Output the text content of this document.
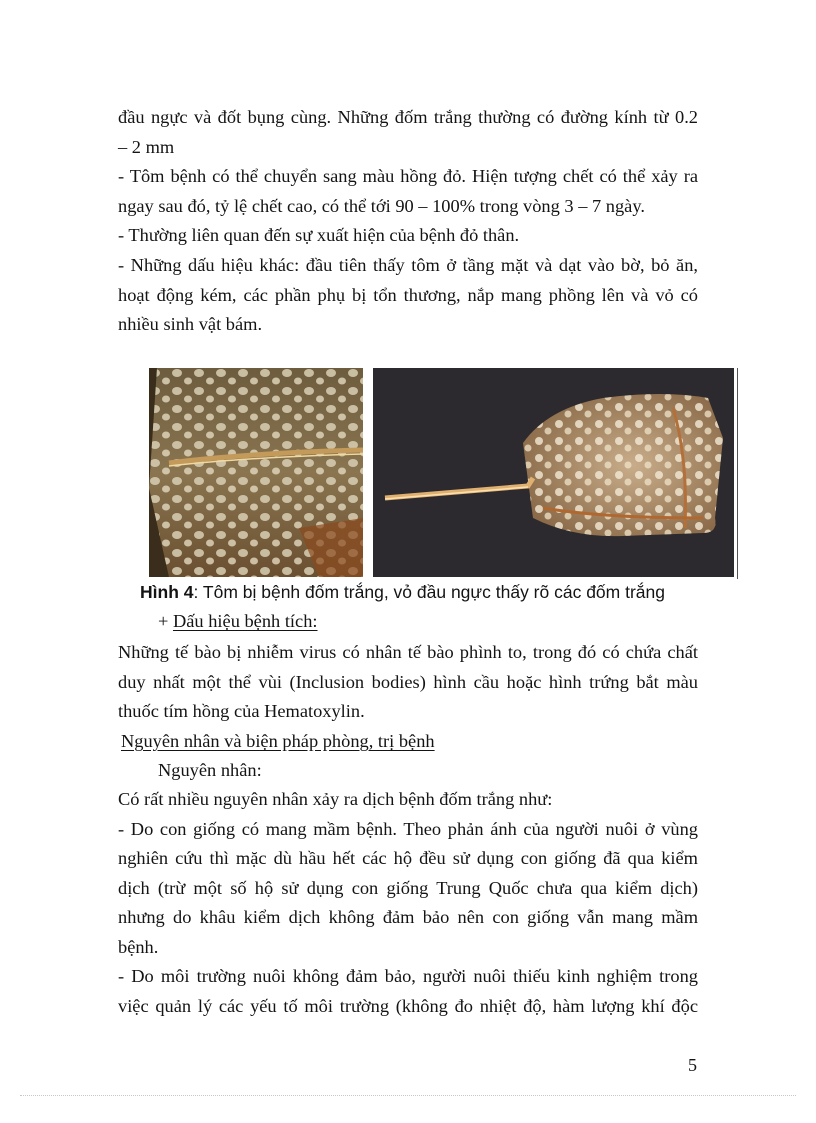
đầu ngực và đốt bụng cùng. Những đốm trắng thường có đường kính từ 0.2
– 2 mm
- Tôm bệnh có thể chuyển sang màu hồng đỏ. Hiện tượng chết có thể xảy ra
ngay sau đó, tỷ lệ chết cao, có thể tới 90 – 100% trong vòng 3 – 7 ngày.
- Thường liên quan đến sự xuất hiện của bệnh đỏ thân.
- Những dấu hiệu khác: đầu tiên thấy tôm ở tầng mặt và dạt vào bờ, bỏ ăn,
hoạt động kém, các phần phụ bị tổn thương, nắp mang phồng lên và vỏ có
nhiều sinh vật bám.
Hình 4: Tôm bị bệnh đốm trắng, vỏ đầu ngực thấy rõ các đốm trắng
+ Dấu hiệu bệnh tích:
Những tế bào bị nhiễm virus có nhân tế bào phình to, trong đó có chứa chất
duy nhất một thể vùi (Inclusion bodies) hình cầu hoặc hình trứng bắt màu
thuốc tím hồng của Hematoxylin.
Nguyên nhân và biện pháp phòng, trị bệnh
Nguyên nhân:
Có rất nhiều nguyên nhân xảy ra dịch bệnh đốm trắng như:
- Do con giống có mang mầm bệnh. Theo phản ánh của người nuôi ở vùng
nghiên cứu thì mặc dù hầu hết các hộ đều sử dụng con giống đã qua kiểm
dịch (trừ một số hộ sử dụng con giống Trung Quốc chưa qua kiểm dịch)
nhưng do khâu kiểm dịch không đảm bảo nên con giống vẫn mang mầm
bệnh.
- Do môi trường nuôi không đảm bảo, người nuôi thiếu kinh nghiệm trong
việc quản lý các yếu tố môi trường (không đo nhiệt độ, hàm lượng khí độc
5
